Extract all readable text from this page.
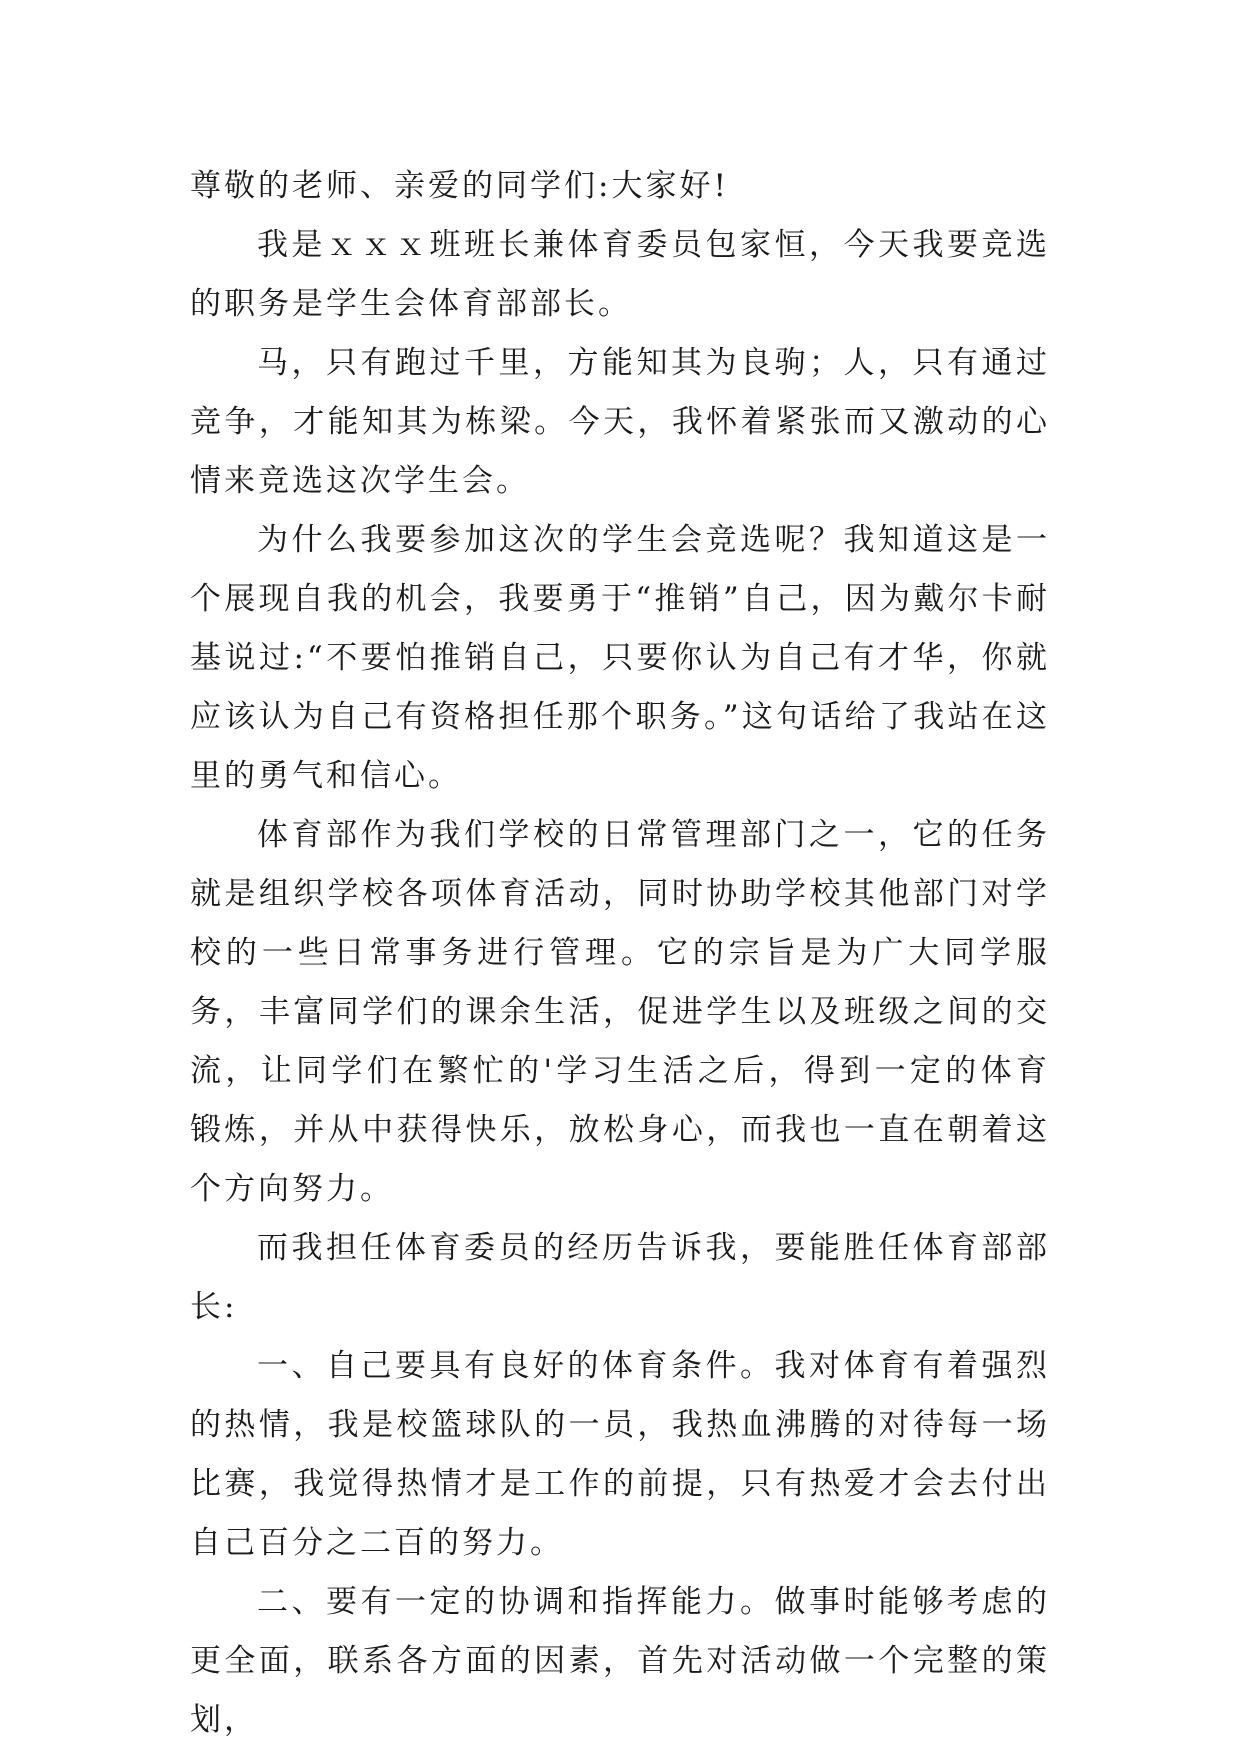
尊敬的老师、亲爱的同学们:大家好!

我是ｘｘｘ班班长兼体育委员包家恒，今天我要竞选的职务是学生会体育部部长。

马，只有跑过千里，方能知其为良驹；人，只有通过竞争，才能知其为栋梁。今天，我怀着紧张而又激动的心情来竞选这次学生会。

为什么我要参加这次的学生会竞选呢？我知道这是一个展现自我的机会，我要勇于“推销”自己，因为戴尔卡耐基说过:“不要怕推销自己，只要你认为自己有才华，你就应该认为自己有资格担任那个职务。”这句话给了我站在这里的勇气和信心。

体育部作为我们学校的日常管理部门之一，它的任务就是组织学校各项体育活动，同时协助学校其他部门对学校的一些日常事务进行管理。它的宗旨是为广大同学服务，丰富同学们的课余生活，促进学生以及班级之间的交流，让同学们在繁忙的'学习生活之后，得到一定的体育锻炼，并从中获得快乐，放松身心，而我也一直在朝着这个方向努力。

而我担任体育委员的经历告诉我，要能胜任体育部部长:

一、自己要具有良好的体育条件。我对体育有着强烈的热情，我是校篮球队的一员，我热血沸腾的对待每一场比赛，我觉得热情才是工作的前提，只有热爱才会去付出自己百分之二百的努力。

二、要有一定的协调和指挥能力。做事时能够考虑的更全面，联系各方面的因素，首先对活动做一个完整的策划，
